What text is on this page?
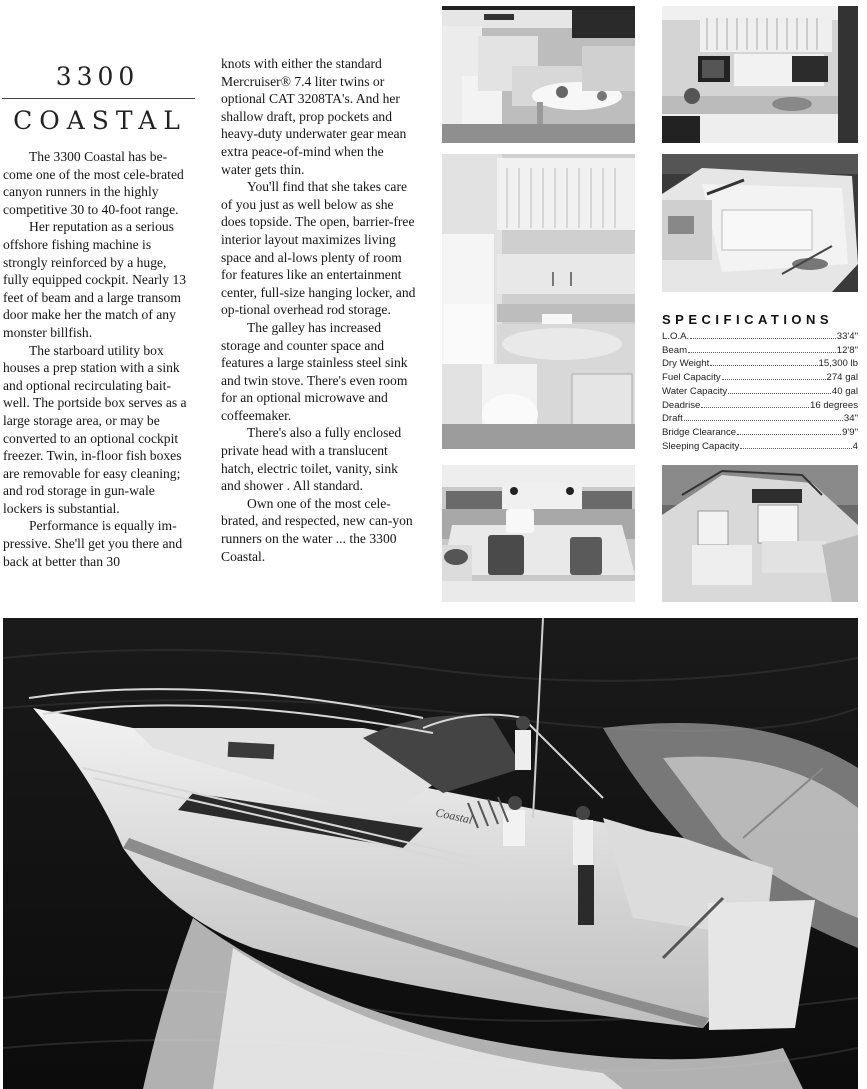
3300
COASTAL

The 3300 Coastal has be-come one of the most cele-brated canyon runners in the highly competitive 30 to 40-foot range.

Her reputation as a serious offshore fishing machine is strongly reinforced by a huge, fully equipped cockpit. Nearly 13 feet of beam and a large transom door make her the match of any monster billfish.

The starboard utility box houses a prep station with a sink and optional recirculating bait-well. The portside box serves as a large storage area, or may be converted to an optional cockpit freezer. Twin, in-floor fish boxes are removable for easy cleaning; and rod storage in gun-wale lockers is substantial.

Performance is equally im-pressive. She'll get you there and back at better than 30

knots with either the standard Mercruiser® 7.4 liter twins or optional CAT 3208TA's. And her shallow draft, prop pockets and heavy-duty underwater gear mean extra peace-of-mind when the water gets thin.

You'll find that she takes care of you just as well below as she does topside. The open, barrier-free interior layout maximizes living space and al-lows plenty of room for features like an entertainment center, full-size hanging locker, and op-tional overhead rod storage.

The galley has increased storage and counter space and features a large stainless steel sink and twin stove. There's even room for an optional microwave and coffeemaker.

There's also a fully enclosed private head with a translucent hatch, electric toilet, vanity, sink and shower . All standard.

Own one of the most cele-brated, and respected, new can-yon runners on the water ... the 3300 Coastal.

SPECIFICATIONS
L.O.A.	33'4"
Beam	12'8"
Dry Weight	15,300 lb
Fuel Capacity	274 gal
Water Capacity	40 gal
Deadrise	16 degrees
Draft	34"
Bridge Clearance	9'9"
Sleeping Capacity	4
Coastal
